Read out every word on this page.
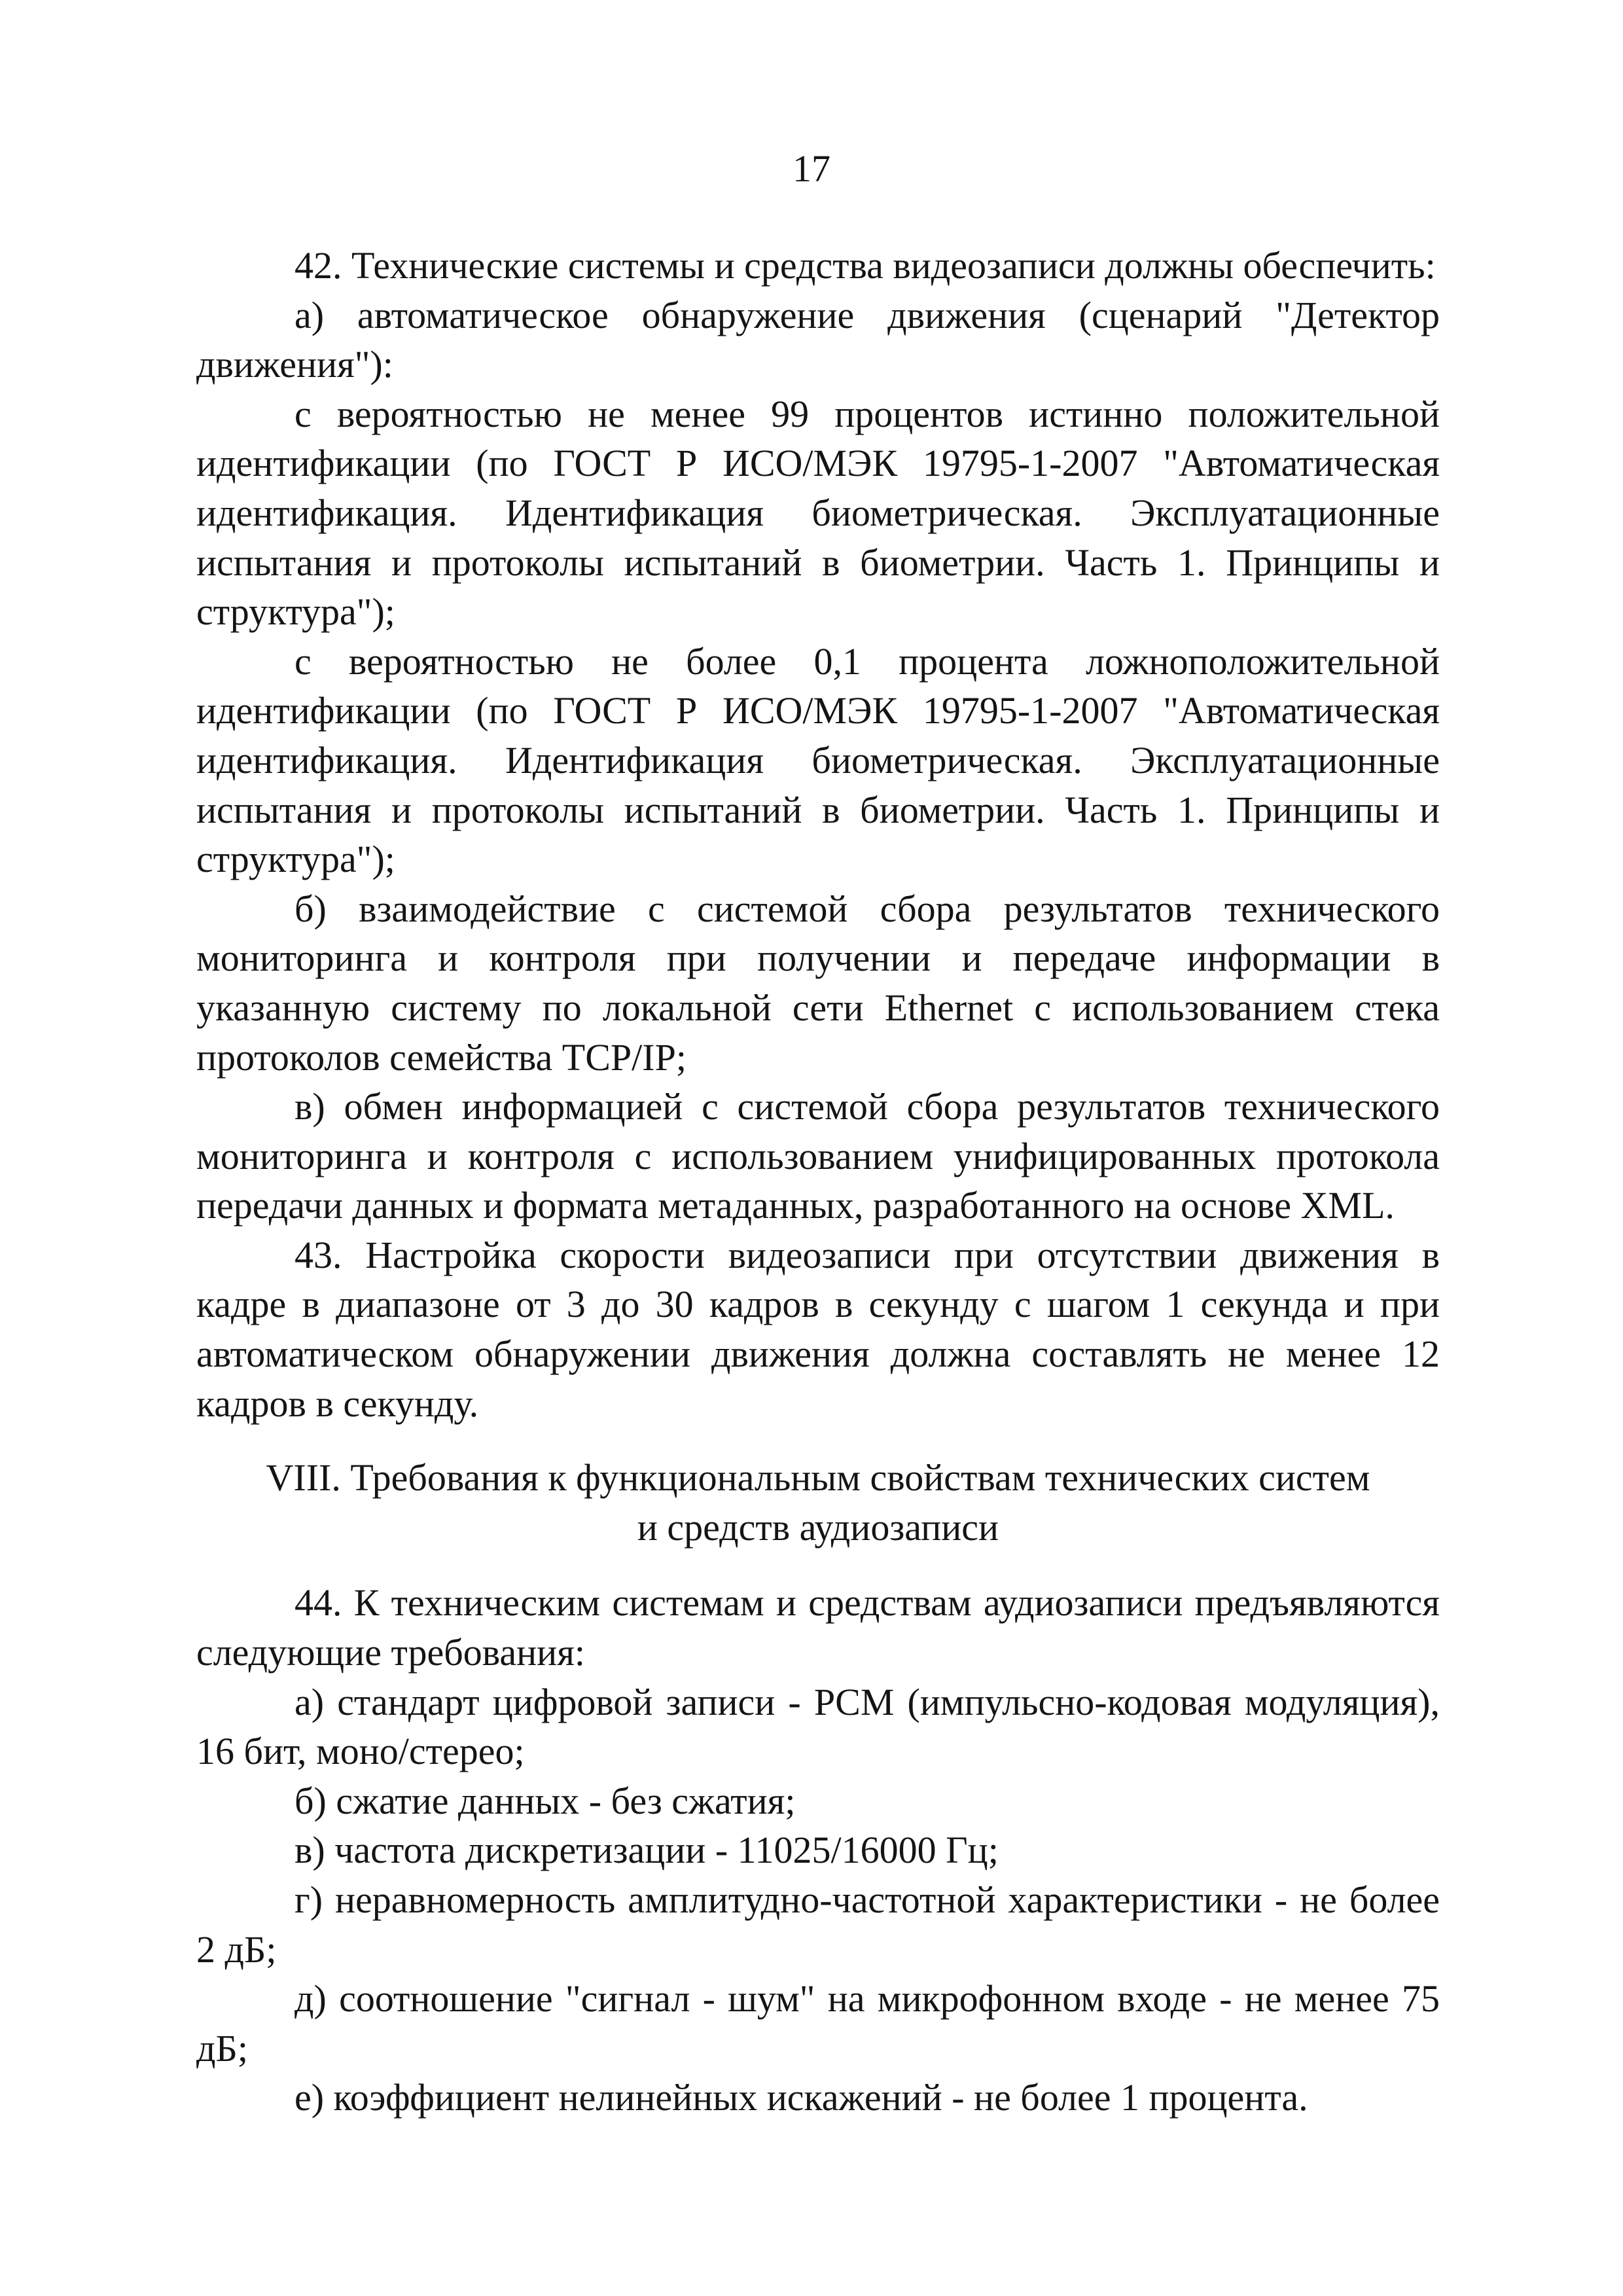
17

42. Технические системы и средства видеозаписи должны обеспечить:

а) автоматическое обнаружение движения (сценарий "Детектор движения"):

с вероятностью не менее 99 процентов истинно положительной идентификации (по ГОСТ Р ИСО/МЭК 19795-1-2007 "Автоматическая идентификация. Идентификация биометрическая. Эксплуатационные испытания и протоколы испытаний в биометрии. Часть 1. Принципы и структура");

с вероятностью не более 0,1 процента ложноположительной идентификации (по ГОСТ Р ИСО/МЭК 19795-1-2007 "Автоматическая идентификация. Идентификация биометрическая. Эксплуатационные испытания и протоколы испытаний в биометрии. Часть 1. Принципы и структура");

б) взаимодействие с системой сбора результатов технического мониторинга и контроля при получении и передаче информации в указанную систему по локальной сети Ethernet с использованием стека протоколов семейства TCP/IP;

в) обмен информацией с системой сбора результатов технического мониторинга и контроля с использованием унифицированных протокола передачи данных и формата метаданных, разработанного на основе XML.

43. Настройка скорости видеозаписи при отсутствии движения в кадре в диапазоне от 3 до 30 кадров в секунду с шагом 1 секунда и при автоматическом обнаружении движения должна составлять не менее 12 кадров в секунду.

VIII. Требования к функциональным свойствам технических систем
и средств аудиозаписи

44. К техническим системам и средствам аудиозаписи предъявляются следующие требования:

а) стандарт цифровой записи - PCM (импульсно-кодовая модуляция), 16 бит, моно/стерео;

б) сжатие данных - без сжатия;

в) частота дискретизации - 11025/16000 Гц;

г) неравномерность амплитудно-частотной характеристики - не более 2 дБ;

д) соотношение "сигнал - шум" на микрофонном входе - не менее 75 дБ;

е) коэффициент нелинейных искажений - не более 1 процента.
